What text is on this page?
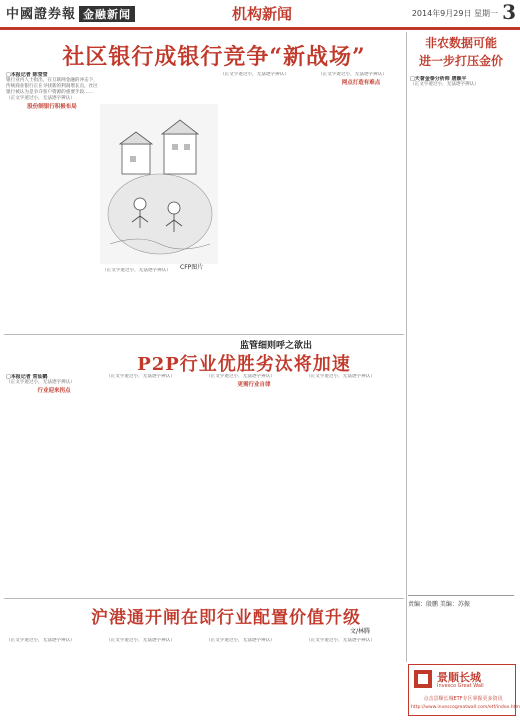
中國證券報 金融新闻	机构新闻	2014年9月29日 星期一 3
社区银行成银行竞争“新战场”
□本报记者 陈莹莹
银行业内人士指出，在互联网金融的冲击下，传统商业银行正在寻找新的利润增长点，社区银行被认为是争夺客户资源的重要手段……（正文字迹过小，无法逐字辨认）
股份制银行积极布局
CFP图片
（正文字迹过小，无法逐字辨认）
（正文字迹过小，无法逐字辨认）	（正文字迹过小，无法逐字辨认）
网点打造有难点
非农数据可能
进一步打压金价
□天誉金泰分析师 唐颖平
（正文字迹过小，无法逐字辨认）
责编：殷鹏 美编：苏振
监管细则呼之欲出
P2P行业优胜劣汰将加速
□本报记者 常仙鹤
（正文字迹过小，无法逐字辨认）
行业迎来拐点
（正文字迹过小，无法逐字辨认）	（正文字迹过小，无法逐字辨认）
更需行业自律
（正文字迹过小，无法逐字辨认）
沪港通开闸在即行业配置价值升级
文/林腾
（正文字迹过小，无法逐字辨认）	（正文字迹过小，无法逐字辨认）	（正文字迹过小，无法逐字辨认）	（正文字迹过小，无法逐字辨认）
景顺长城
Invesco Great Wall
点击景顺长城ETF专区掌握更多资讯
http://www.invescogreatwall.com/etf/index.htm
